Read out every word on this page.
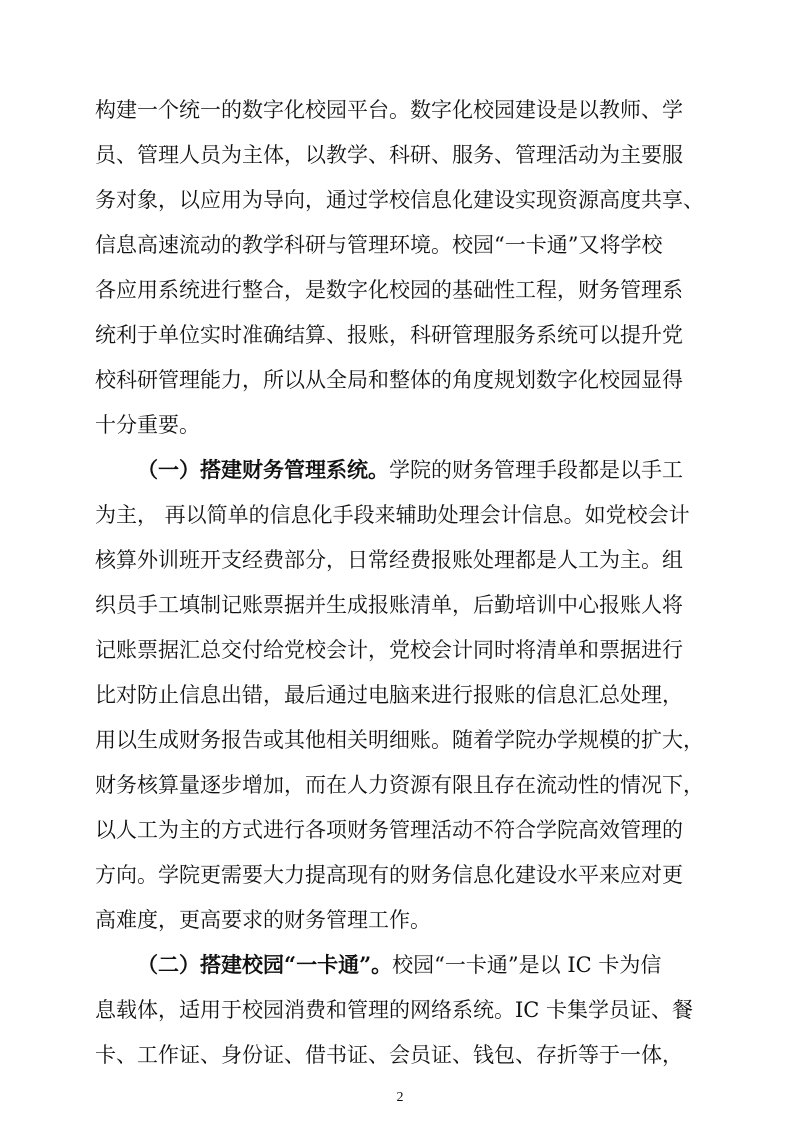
构建一个统一的数字化校园平台。数字化校园建设是以教师、学
员、管理人员为主体，以教学、科研、服务、管理活动为主要服
务对象，以应用为导向，通过学校信息化建设实现资源高度共享、
信息高速流动的教学科研与管理环境。校园“一卡通”又将学校
各应用系统进行整合，是数字化校园的基础性工程，财务管理系
统利于单位实时准确结算、报账，科研管理服务系统可以提升党
校科研管理能力，所以从全局和整体的角度规划数字化校园显得
十分重要。
（一）搭建财务管理系统。学院的财务管理手段都是以手工
为主， 再以简单的信息化手段来辅助处理会计信息。如党校会计
核算外训班开支经费部分，日常经费报账处理都是人工为主。组
织员手工填制记账票据并生成报账清单，后勤培训中心报账人将
记账票据汇总交付给党校会计，党校会计同时将清单和票据进行
比对防止信息出错，最后通过电脑来进行报账的信息汇总处理，
用以生成财务报告或其他相关明细账。随着学院办学规模的扩大，
财务核算量逐步增加，而在人力资源有限且存在流动性的情况下，
以人工为主的方式进行各项财务管理活动不符合学院高效管理的
方向。学院更需要大力提高现有的财务信息化建设水平来应对更
高难度，更高要求的财务管理工作。
（二）搭建校园“一卡通”。校园“一卡通”是以 IC 卡为信
息载体，适用于校园消费和管理的网络系统。IC 卡集学员证、餐
卡、工作证、身份证、借书证、会员证、钱包、存折等于一体，
2
